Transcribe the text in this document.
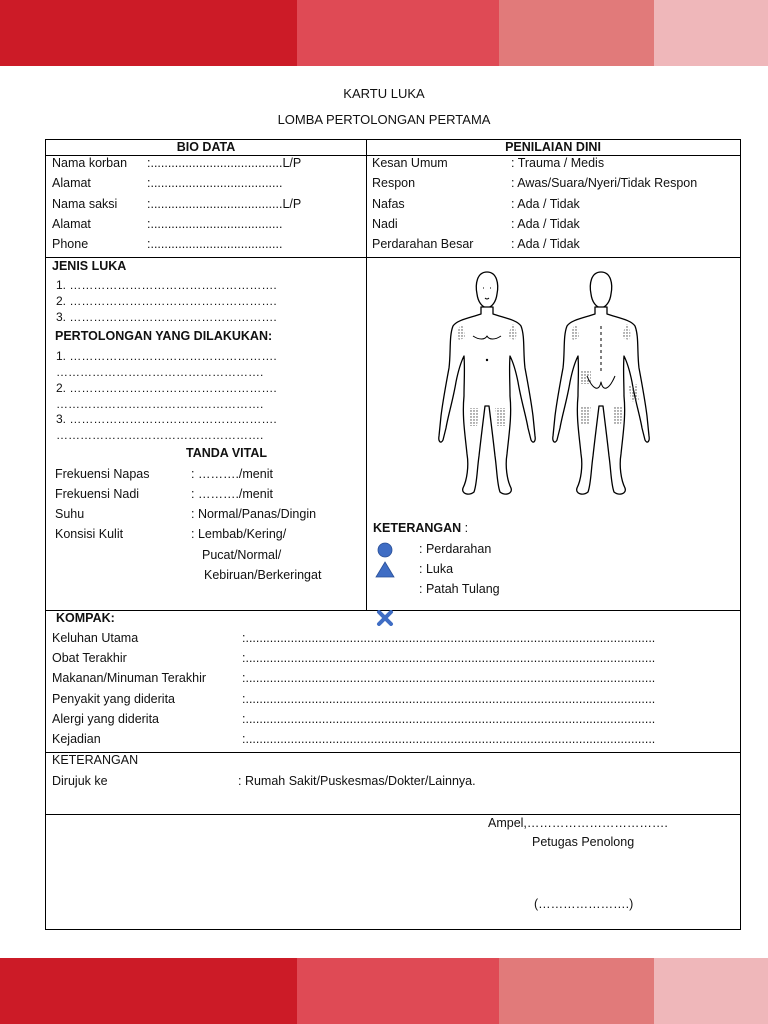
KARTU LUKA
LOMBA PERTOLONGAN PERTAMA
BIO DATA	PENILAIAN DINI
Nama korban :......................................L/P
Alamat	:......................................
Nama saksi :......................................L/P
Alamat	:......................................
Phone	:......................................
Kesan Umum	: Trauma / Medis
Respon	: Awas/Suara/Nyeri/Tidak Respon
Nafas	: Ada / Tidak
Nadi	: Ada / Tidak
Perdarahan Besar	: Ada / Tidak
JENIS LUKA
1. …………………………………………….
2. …………………………………………….
3. …………………………………………….
PERTOLONGAN YANG DILAKUKAN:
1. …………………………………………….
…………………………………………….
2. …………………………………………….
…………………………………………….
3. …………………………………………….
…………………………………………….
TANDA VITAL
Frekuensi Napas	: ………./menit
Frekuensi Nadi	: ………./menit
Suhu	: Normal/Panas/Dingin
Konsisi Kulit	: Lembab/Kering/
Pucat/Normal/
Kebiruan/Berkeringat
KETERANGAN :
: Perdarahan
: Luka
: Patah Tulang
KOMPAK:
Keluhan Utama	:......................................................................................................................
Obat Terakhir	:......................................................................................................................
Makanan/Minuman Terakhir	:......................................................................................................................
Penyakit yang diderita	:......................................................................................................................
Alergi yang diderita	:......................................................................................................................
Kejadian	:......................................................................................................................
KETERANGAN
Dirujuk ke	: Rumah Sakit/Puskesmas/Dokter/Lainnya.
Ampel,…………………………….
Petugas Penolong
(………………….)
